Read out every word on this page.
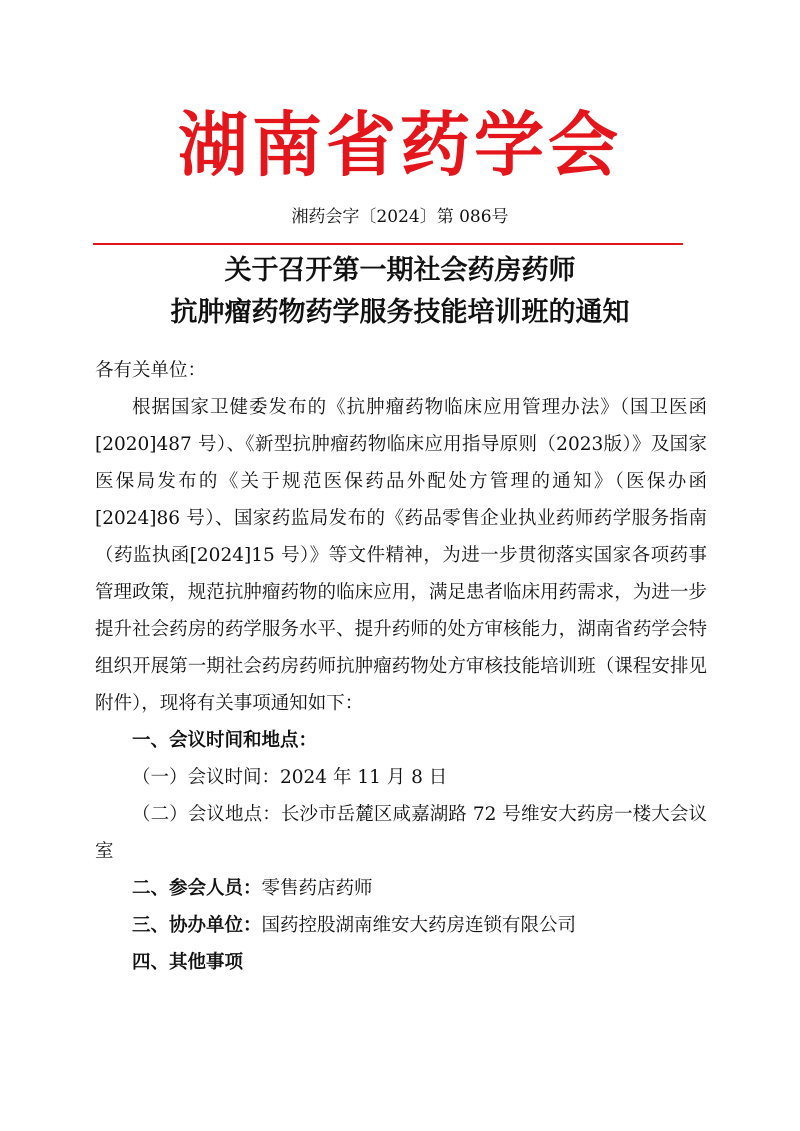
湖南省药学会
湘药会字〔2024〕第 086号
关于召开第一期社会药房药师
抗肿瘤药物药学服务技能培训班的通知

各有关单位：

根据国家卫健委发布的《抗肿瘤药物临床应用管理办法》（国卫医函[2020]487 号）、《新型抗肿瘤药物临床应用指导原则（2023版）》及国家医保局发布的《关于规范医保药品外配处方管理的通知》（医保办函[2024]86 号）、国家药监局发布的《药品零售企业执业药师药学服务指南（药监执函[2024]15 号）》等文件精神，为进一步贯彻落实国家各项药事管理政策，规范抗肿瘤药物的临床应用，满足患者临床用药需求，为进一步提升社会药房的药学服务水平、提升药师的处方审核能力，湖南省药学会特组织开展第一期社会药房药师抗肿瘤药物处方审核技能培训班（课程安排见附件），现将有关事项通知如下：

一、会议时间和地点：

（一）会议时间：2024 年 11 月 8 日

（二）会议地点：长沙市岳麓区咸嘉湖路 72 号维安大药房一楼大会议室

二、参会人员：零售药店药师

三、协办单位：国药控股湖南维安大药房连锁有限公司

四、其他事项
